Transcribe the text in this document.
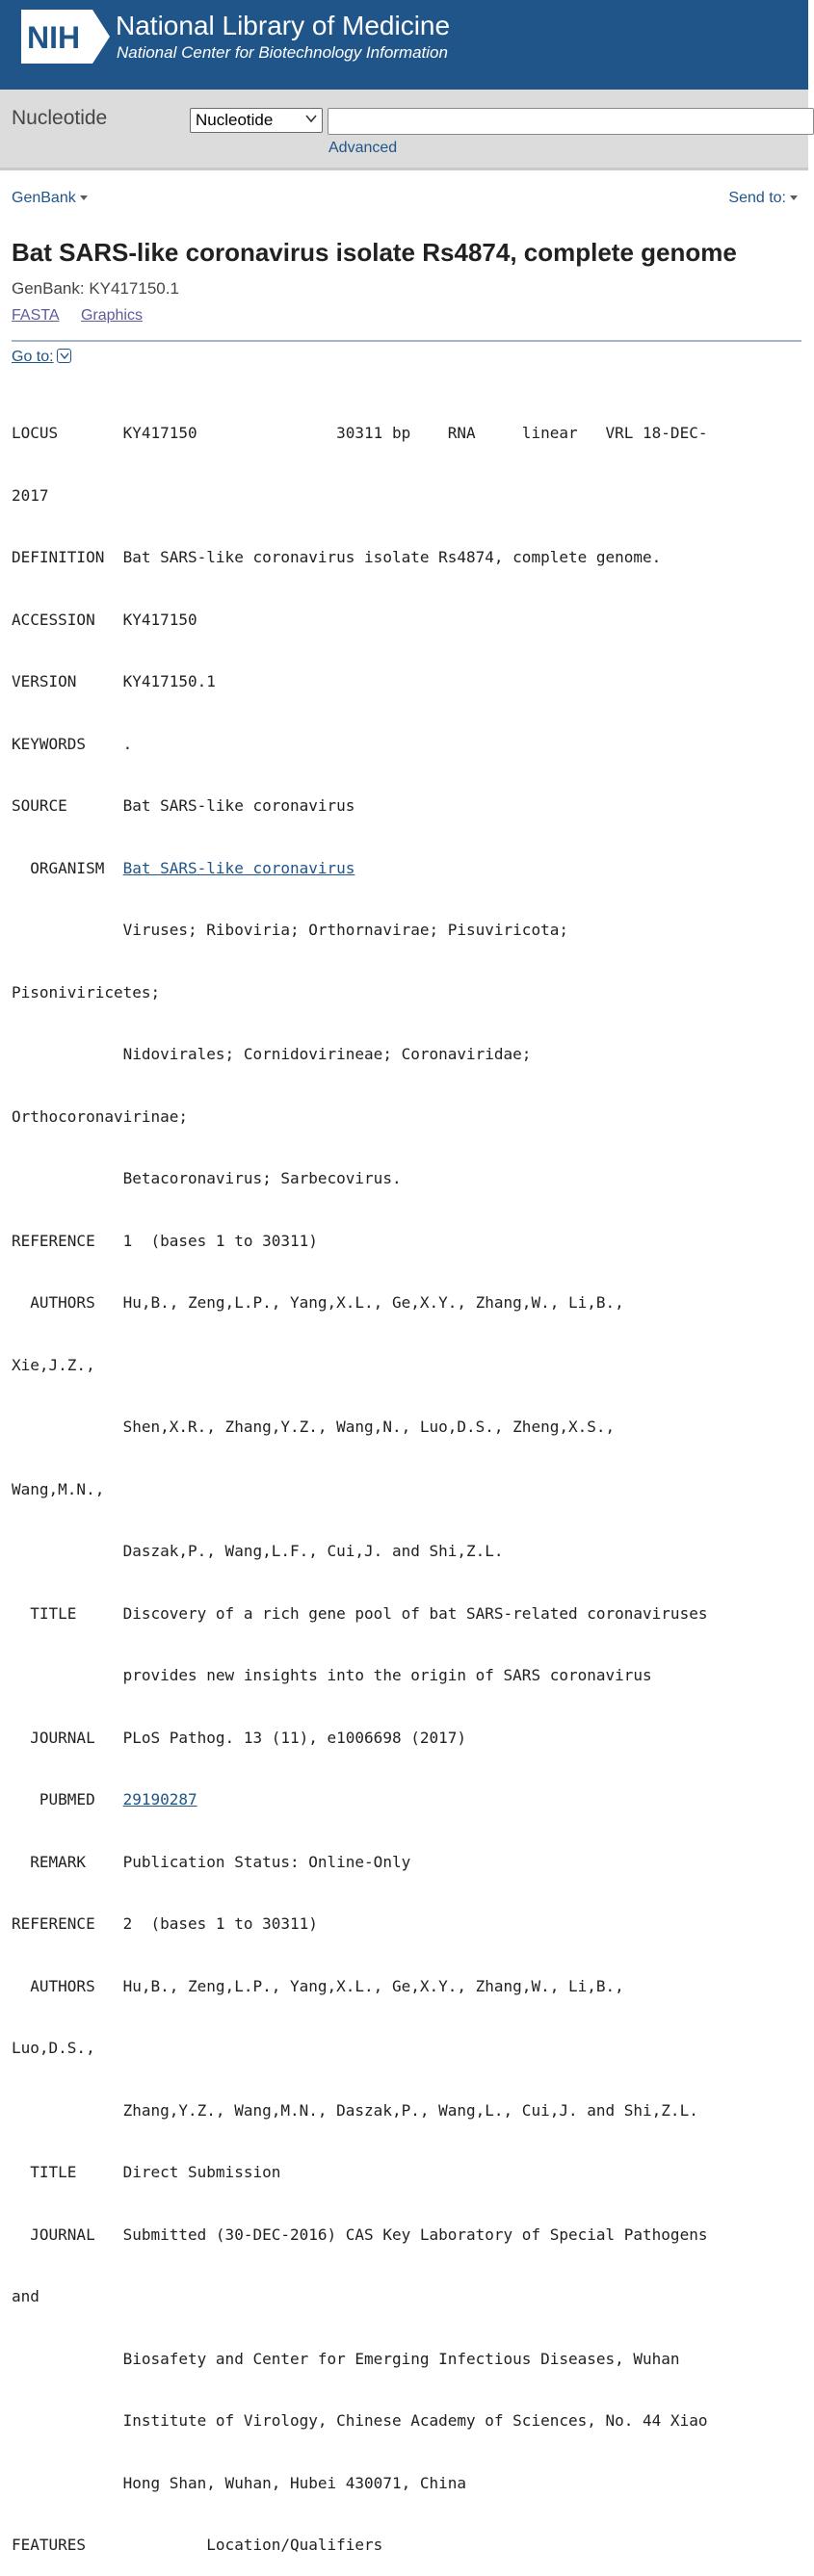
NIH National Library of Medicine
National Center for Biotechnology Information
Nucleotide	Nucleotide
Advanced
GenBank	Send to:
Bat SARS-like coronavirus isolate Rs4874, complete genome
GenBank: KY417150.1
FASTA Graphics
Go to:

LOCUS       KY417150               30311 bp    RNA     linear   VRL 18-DEC-

2017

DEFINITION  Bat SARS-like coronavirus isolate Rs4874, complete genome.

ACCESSION   KY417150

VERSION     KY417150.1

KEYWORDS    .

SOURCE      Bat SARS-like coronavirus

ORGANISM  Bat SARS-like coronavirus

Viruses; Riboviria; Orthornavirae; Pisuviricota;

Pisoniviricetes;

Nidovirales; Cornidovirineae; Coronaviridae;

Orthocoronavirinae;

Betacoronavirus; Sarbecovirus.

REFERENCE   1  (bases 1 to 30311)

AUTHORS   Hu,B., Zeng,L.P., Yang,X.L., Ge,X.Y., Zhang,W., Li,B.,

Xie,J.Z.,

Shen,X.R., Zhang,Y.Z., Wang,N., Luo,D.S., Zheng,X.S.,

Wang,M.N.,

Daszak,P., Wang,L.F., Cui,J. and Shi,Z.L.

TITLE     Discovery of a rich gene pool of bat SARS-related coronaviruses

provides new insights into the origin of SARS coronavirus

JOURNAL   PLoS Pathog. 13 (11), e1006698 (2017)

PUBMED   29190287

REMARK    Publication Status: Online-Only

REFERENCE   2  (bases 1 to 30311)

AUTHORS   Hu,B., Zeng,L.P., Yang,X.L., Ge,X.Y., Zhang,W., Li,B.,

Luo,D.S.,

Zhang,Y.Z., Wang,M.N., Daszak,P., Wang,L., Cui,J. and Shi,Z.L.

TITLE     Direct Submission

JOURNAL   Submitted (30-DEC-2016) CAS Key Laboratory of Special Pathogens

and

Biosafety and Center for Emerging Infectious Diseases, Wuhan

Institute of Virology, Chinese Academy of Sciences, No. 44 Xiao

Hong Shan, Wuhan, Hubei 430071, China

FEATURES             Location/Qualifiers
